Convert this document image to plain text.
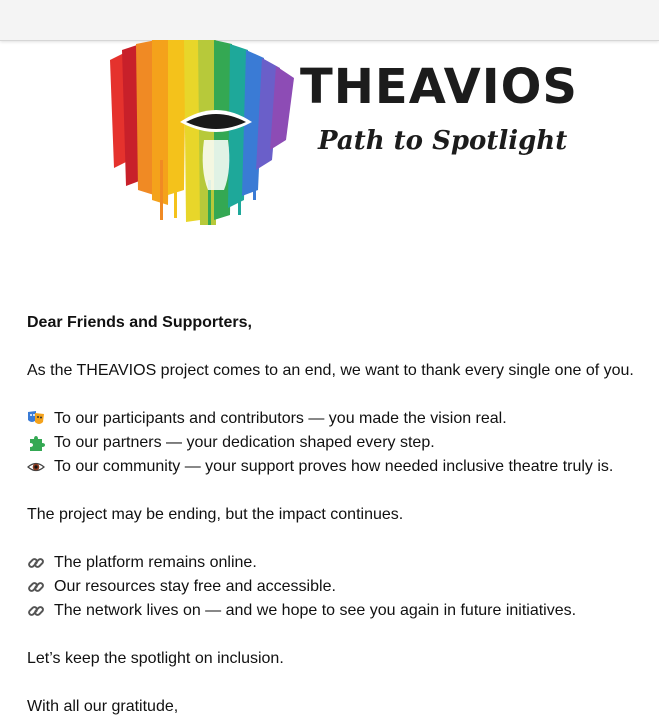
THEAVIOS
Path to Spotlight

Dear Friends and Supporters,

As the THEAVIOS project comes to an end, we want to thank every single one of you.

To our participants and contributors — you made the vision real.
To our partners — your dedication shaped every step.
To our community — your support proves how needed inclusive theatre truly is.

The project may be ending, but the impact continues.

The platform remains online.
Our resources stay free and accessible.
The network lives on — and we hope to see you again in future initiatives.

Let’s keep the spotlight on inclusion.

With all our gratitude,
